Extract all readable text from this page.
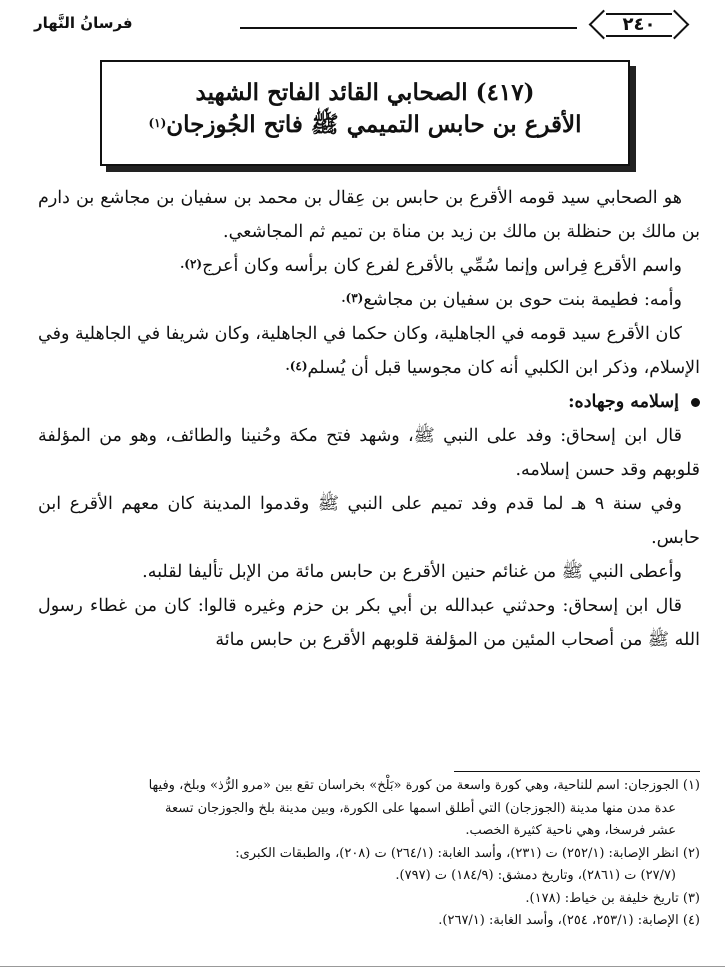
فرسانُ النَّهار	٢٤٠
(٤١٧) الصحابي القائد الفاتح الشهيد
الأقرع بن حابس التميمي ﷺ فاتح الجُوزجان$^{(١)}$

هو الصحابي سيد قومه الأقرع بن حابس بن عِقال بن محمد بن سفيان بن مجاشع بن دارم بن مالك بن حنظلة بن مالك بن زيد بن مناة بن تميم ثم المجاشعي.

واسم الأقرع فِراس وإنما سُمِّي بالأقرع لفرع كان برأسه وكان أعرج$^{(٢).}$

وأمه: فطيمة بنت حوى بن سفيان بن مجاشع$^{(٣).}$

كان الأقرع سيد قومه في الجاهلية، وكان حكما في الجاهلية، وكان شريفا في الجاهلية وفي الإسلام، وذكر ابن الكلبي أنه كان مجوسيا قبل أن يُسلم$^{(٤).}$

إسلامه وجهاده:

قال ابن إسحاق: وفد على النبي ﷺ، وشهد فتح مكة وحُنينا والطائف، وهو من المؤلفة قلوبهم وقد حسن إسلامه.

وفي سنة ٩ هـ لما قدم وفد تميم على النبي ﷺ وقدموا المدينة كان معهم الأقرع ابن حابس.

وأعطى النبي ﷺ من غنائم حنين الأقرع بن حابس مائة من الإبل تأليفا لقلبه.

قال ابن إسحاق: وحدثني عبدالله بن أبي بكر بن حزم وغيره قالوا: كان من غطاء رسول الله ﷺ من أصحاب المئين من المؤلفة قلوبهم الأقرع بن حابس مائة

(١) الجوزجان: اسم للناحية، وهي كورة واسعة من كورة «بَلْخ» بخراسان تقع بين «مرو الرُّذ» وبلخ، وفيها

عدة مدن منها مدينة (الجوزجان) التي أطلق اسمها على الكورة، وبين مدينة بلخ والجوزجان تسعة

عشر فرسخا، وهي ناحية كثيرة الخصب.

(٢) انظر الإصابة: (٢٥٢/١) ت (٢٣١)، وأسد الغابة: (٢٦٤/١) ت (٢٠٨)، والطبقات الكبرى:

(٢٧/٧) ت (٢٨٦١)، وتاريخ دمشق: (١٨٤/٩) ت (٧٩٧).

(٣) تاريخ خليفة بن خياط: (١٧٨).

(٤) الإصابة: (٢٥٣/١، ٢٥٤)، وأسد الغابة: (٢٦٧/١).
